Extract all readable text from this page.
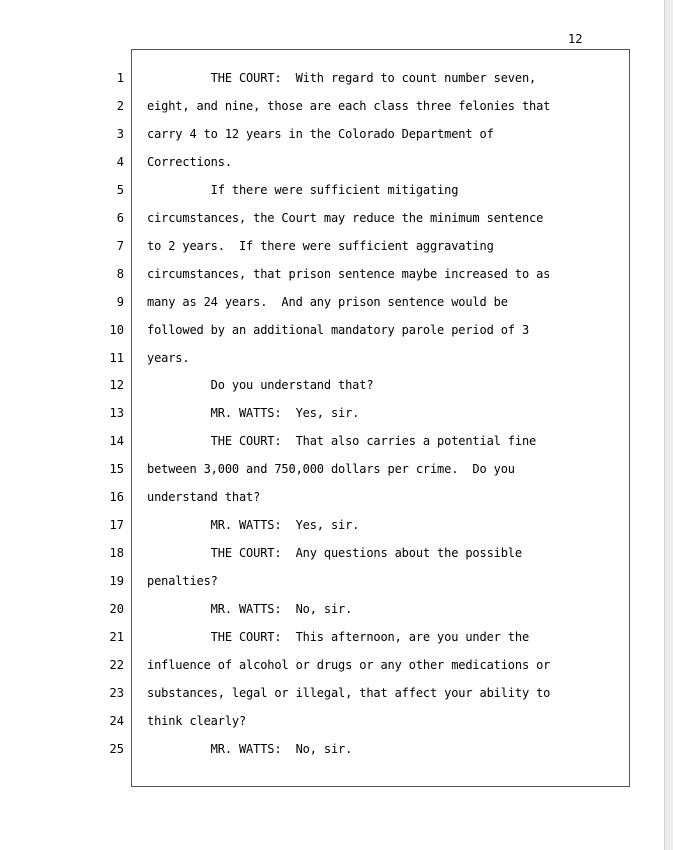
12
1 THE COURT:  With regard to count number seven,
2 eight, and nine, those are each class three felonies that
3 carry 4 to 12 years in the Colorado Department of
4 Corrections.
5 If there were sufficient mitigating
6 circumstances, the Court may reduce the minimum sentence
7 to 2 years.  If there were sufficient aggravating
8 circumstances, that prison sentence maybe increased to as
9 many as 24 years.  And any prison sentence would be
10 followed by an additional mandatory parole period of 3
11 years.
12 Do you understand that?
13 MR. WATTS:  Yes, sir.
14 THE COURT:  That also carries a potential fine
15 between 3,000 and 750,000 dollars per crime.  Do you
16 understand that?
17 MR. WATTS:  Yes, sir.
18 THE COURT:  Any questions about the possible
19 penalties?
20 MR. WATTS:  No, sir.
21 THE COURT:  This afternoon, are you under the
22 influence of alcohol or drugs or any other medications or
23 substances, legal or illegal, that affect your ability to
24 think clearly?
25 MR. WATTS:  No, sir.
